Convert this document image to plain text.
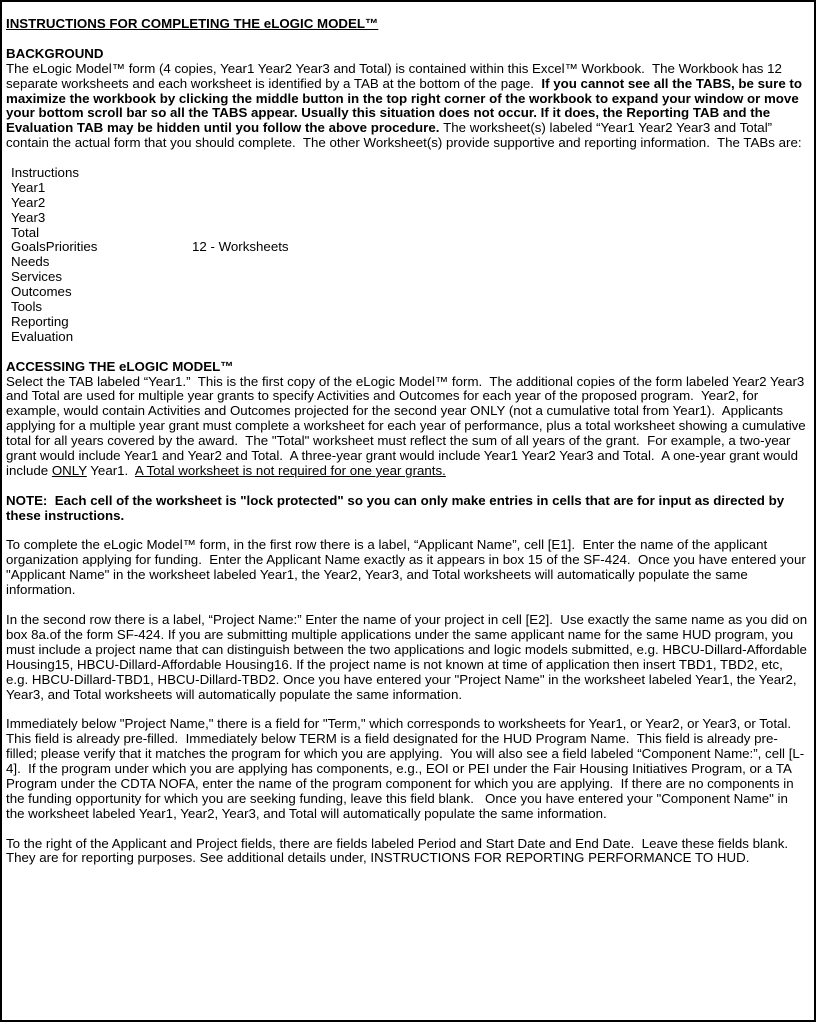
INSTRUCTIONS FOR COMPLETING THE eLOGIC MODEL™
BACKGROUND
The eLogic Model™ form (4 copies, Year1 Year2 Year3 and Total) is contained within this Excel™ Workbook.  The Workbook has 12 separate worksheets and each worksheet is identified by a TAB at the bottom of the page.  If you cannot see all the TABS, be sure to maximize the workbook by clicking the middle button in the top right corner of the workbook to expand your window or move your bottom scroll bar so all the TABS appear. Usually this situation does not occur. If it does, the Reporting TAB and the Evaluation TAB may be hidden until you follow the above procedure. The worksheet(s) labeled “Year1 Year2 Year3 and Total” contain the actual form that you should complete.  The other Worksheet(s) provide supportive and reporting information.  The TABs are:
Instructions
Year1
Year2
Year3
Total
GoalsPriorities	12 - Worksheets
Needs
Services
Outcomes
Tools
Reporting
Evaluation
ACCESSING THE eLOGIC MODEL™
Select the TAB labeled “Year1.”  This is the first copy of the eLogic Model™ form.  The additional copies of the form labeled Year2 Year3 and Total are used for multiple year grants to specify Activities and Outcomes for each year of the proposed program.  Year2, for example, would contain Activities and Outcomes projected for the second year ONLY (not a cumulative total from Year1).  Applicants applying for a multiple year grant must complete a worksheet for each year of performance, plus a total worksheet showing a cumulative total for all years covered by the award.  The "Total" worksheet must reflect the sum of all years of the grant.  For example, a two-year grant would include Year1 and Year2 and Total.  A three-year grant would include Year1 Year2 Year3 and Total.  A one-year grant would include ONLY Year1.  A Total worksheet is not required for one year grants.
NOTE:  Each cell of the worksheet is "lock protected" so you can only make entries in cells that are for input as directed by these instructions.
To complete the eLogic Model™ form, in the first row there is a label, “Applicant Name”, cell [E1].  Enter the name of the applicant organization applying for funding.  Enter the Applicant Name exactly as it appears in box 15 of the SF-424.  Once you have entered your "Applicant Name" in the worksheet labeled Year1, the Year2, Year3, and Total worksheets will automatically populate the same information.
In the second row there is a label, “Project Name:” Enter the name of your project in cell [E2].  Use exactly the same name as you did on box 8a.of the form SF-424. If you are submitting multiple applications under the same applicant name for the same HUD program, you must include a project name that can distinguish between the two applications and logic models submitted, e.g. HBCU-Dillard-Affordable Housing15, HBCU-Dillard-Affordable Housing16. If the project name is not known at time of application then insert TBD1, TBD2, etc, e.g. HBCU-Dillard-TBD1, HBCU-Dillard-TBD2. Once you have entered your "Project Name" in the worksheet labeled Year1, the Year2, Year3, and Total worksheets will automatically populate the same information.
Immediately below "Project Name," there is a field for "Term," which corresponds to worksheets for Year1, or Year2, or Year3, or Total.  This field is already pre-filled.  Immediately below TERM is a field designated for the HUD Program Name.  This field is already pre-filled; please verify that it matches the program for which you are applying.  You will also see a field labeled “Component Name:”, cell [L-4].  If the program under which you are applying has components, e.g., EOI or PEI under the Fair Housing Initiatives Program, or a TA Program under the CDTA NOFA, enter the name of the program component for which you are applying.  If there are no components in the funding opportunity for which you are seeking funding, leave this field blank.   Once you have entered your "Component Name" in the worksheet labeled Year1, Year2, Year3, and Total will automatically populate the same information.
To the right of the Applicant and Project fields, there are fields labeled Period and Start Date and End Date.  Leave these fields blank.  They are for reporting purposes. See additional details under, INSTRUCTIONS FOR REPORTING PERFORMANCE TO HUD.
